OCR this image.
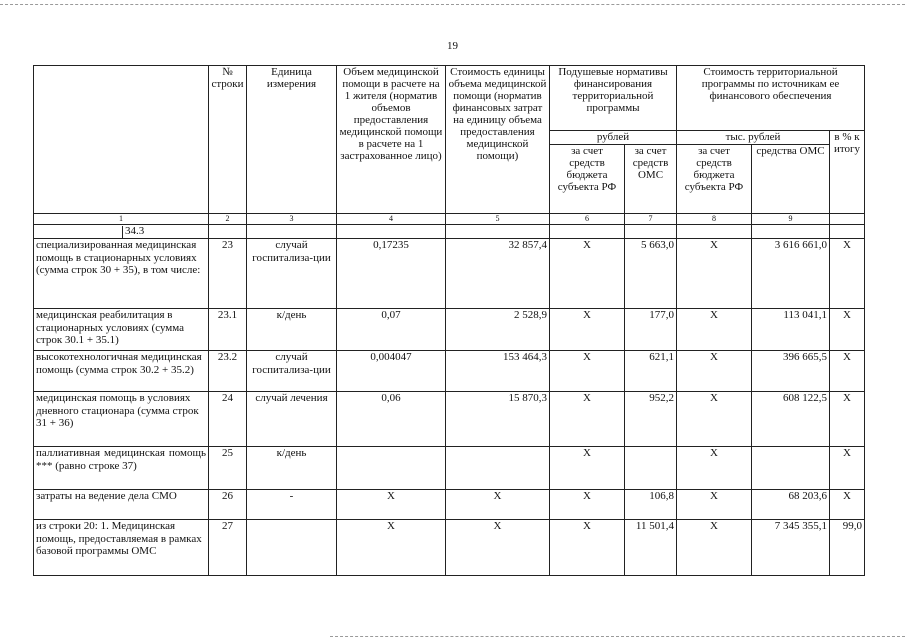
19
	№ строки	Единица измерения	Объем медицинской помощи в расчете на 1 жителя (норматив объемов предоставления медицинской помощи в расчете на 1 застрахованное лицо)	Стоимость единицы объема медицинской помощи (норматив финансовых затрат на единицу объема предоставления медицинской помощи)	Подушевые нормативы финансирования территориальной программы		Стоимость территориальной программы по источникам ее финансового обеспечения		
					рублей		тыс. рублей		в % к итогу
					за счет средств бюджета субъекта РФ	за счет средств ОМС	за счет средств бюджета субъекта РФ	средства ОМС	
1	2	3	4	5	6	7	8	9	
34.3									
специализированная медицинская помощь в стационарных условиях (сумма строк 30 + 35), в том числе:	23	случай госпитализа-ции	0,17235	32 857,4	Х	5 663,0	Х	3 616 661,0	Х
медицинская реабилитация в стационарных условиях (сумма строк 30.1 + 35.1)	23.1	к/день	0,07	2 528,9	Х	177,0	Х	113 041,1	Х
высокотехнологичная медицинская помощь (сумма строк 30.2 + 35.2)	23.2	случай госпитализа-ции	0,004047	153 464,3	Х	621,1	Х	396 665,5	Х
медицинская помощь в условиях дневного стационара (сумма строк 31 + 36)	24	случай лечения	0,06	15 870,3	Х	952,2	Х	608 122,5	Х
паллиативная медицинская помощь *** (равно строке 37)	25	к/день			Х		Х		Х
затраты на ведение дела СМО	26	-	Х	Х	Х	106,8	Х	68 203,6	Х
из строки 20: 1. Медицинская помощь, предоставляемая в рамках базовой программы ОМС	27		Х	Х	Х	11 501,4	Х	7 345 355,1	99,0
